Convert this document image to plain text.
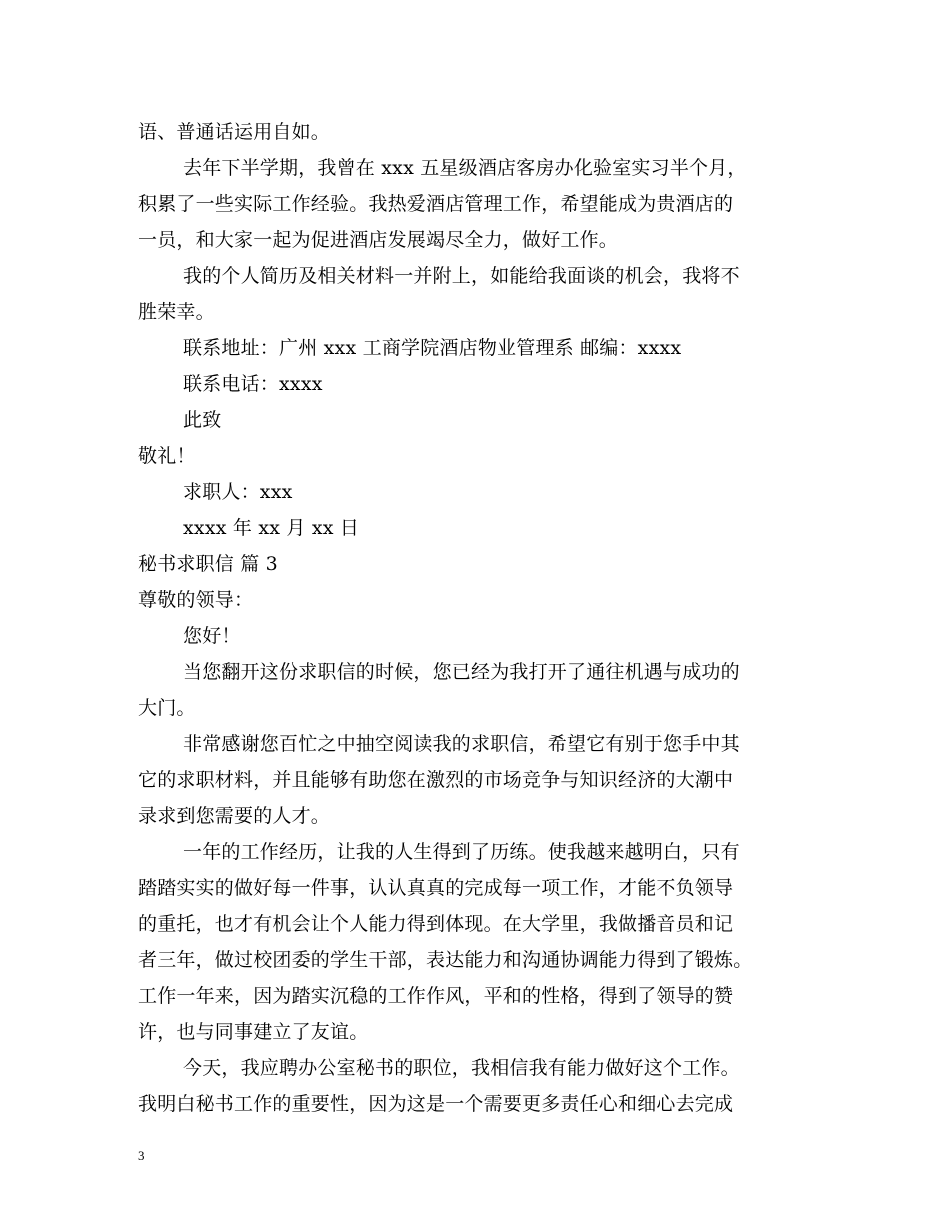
语、普通话运用自如。
去年下半学期，我曾在 xxx 五星级酒店客房办化验室实习半个月，
积累了一些实际工作经验。我热爱酒店管理工作，希望能成为贵酒店的
一员，和大家一起为促进酒店发展竭尽全力，做好工作。
我的个人简历及相关材料一并附上，如能给我面谈的机会，我将不
胜荣幸。
联系地址：广州 xxx 工商学院酒店物业管理系 邮编：xxxx
联系电话：xxxx
此致
敬礼！
求职人：xxx
xxxx 年 xx 月 xx 日
秘书求职信 篇 3
尊敬的领导：
您好！
当您翻开这份求职信的时候，您已经为我打开了通往机遇与成功的
大门。
非常感谢您百忙之中抽空阅读我的求职信，希望它有别于您手中其
它的求职材料，并且能够有助您在激烈的市场竞争与知识经济的大潮中
录求到您需要的人才。
一年的工作经历，让我的人生得到了历练。使我越来越明白，只有
踏踏实实的做好每一件事，认认真真的完成每一项工作，才能不负领导
的重托，也才有机会让个人能力得到体现。在大学里，我做播音员和记
者三年，做过校团委的学生干部，表达能力和沟通协调能力得到了锻炼。
工作一年来，因为踏实沉稳的工作作风，平和的性格，得到了领导的赞
许，也与同事建立了友谊。
今天，我应聘办公室秘书的职位，我相信我有能力做好这个工作。
我明白秘书工作的重要性，因为这是一个需要更多责任心和细心去完成
3
